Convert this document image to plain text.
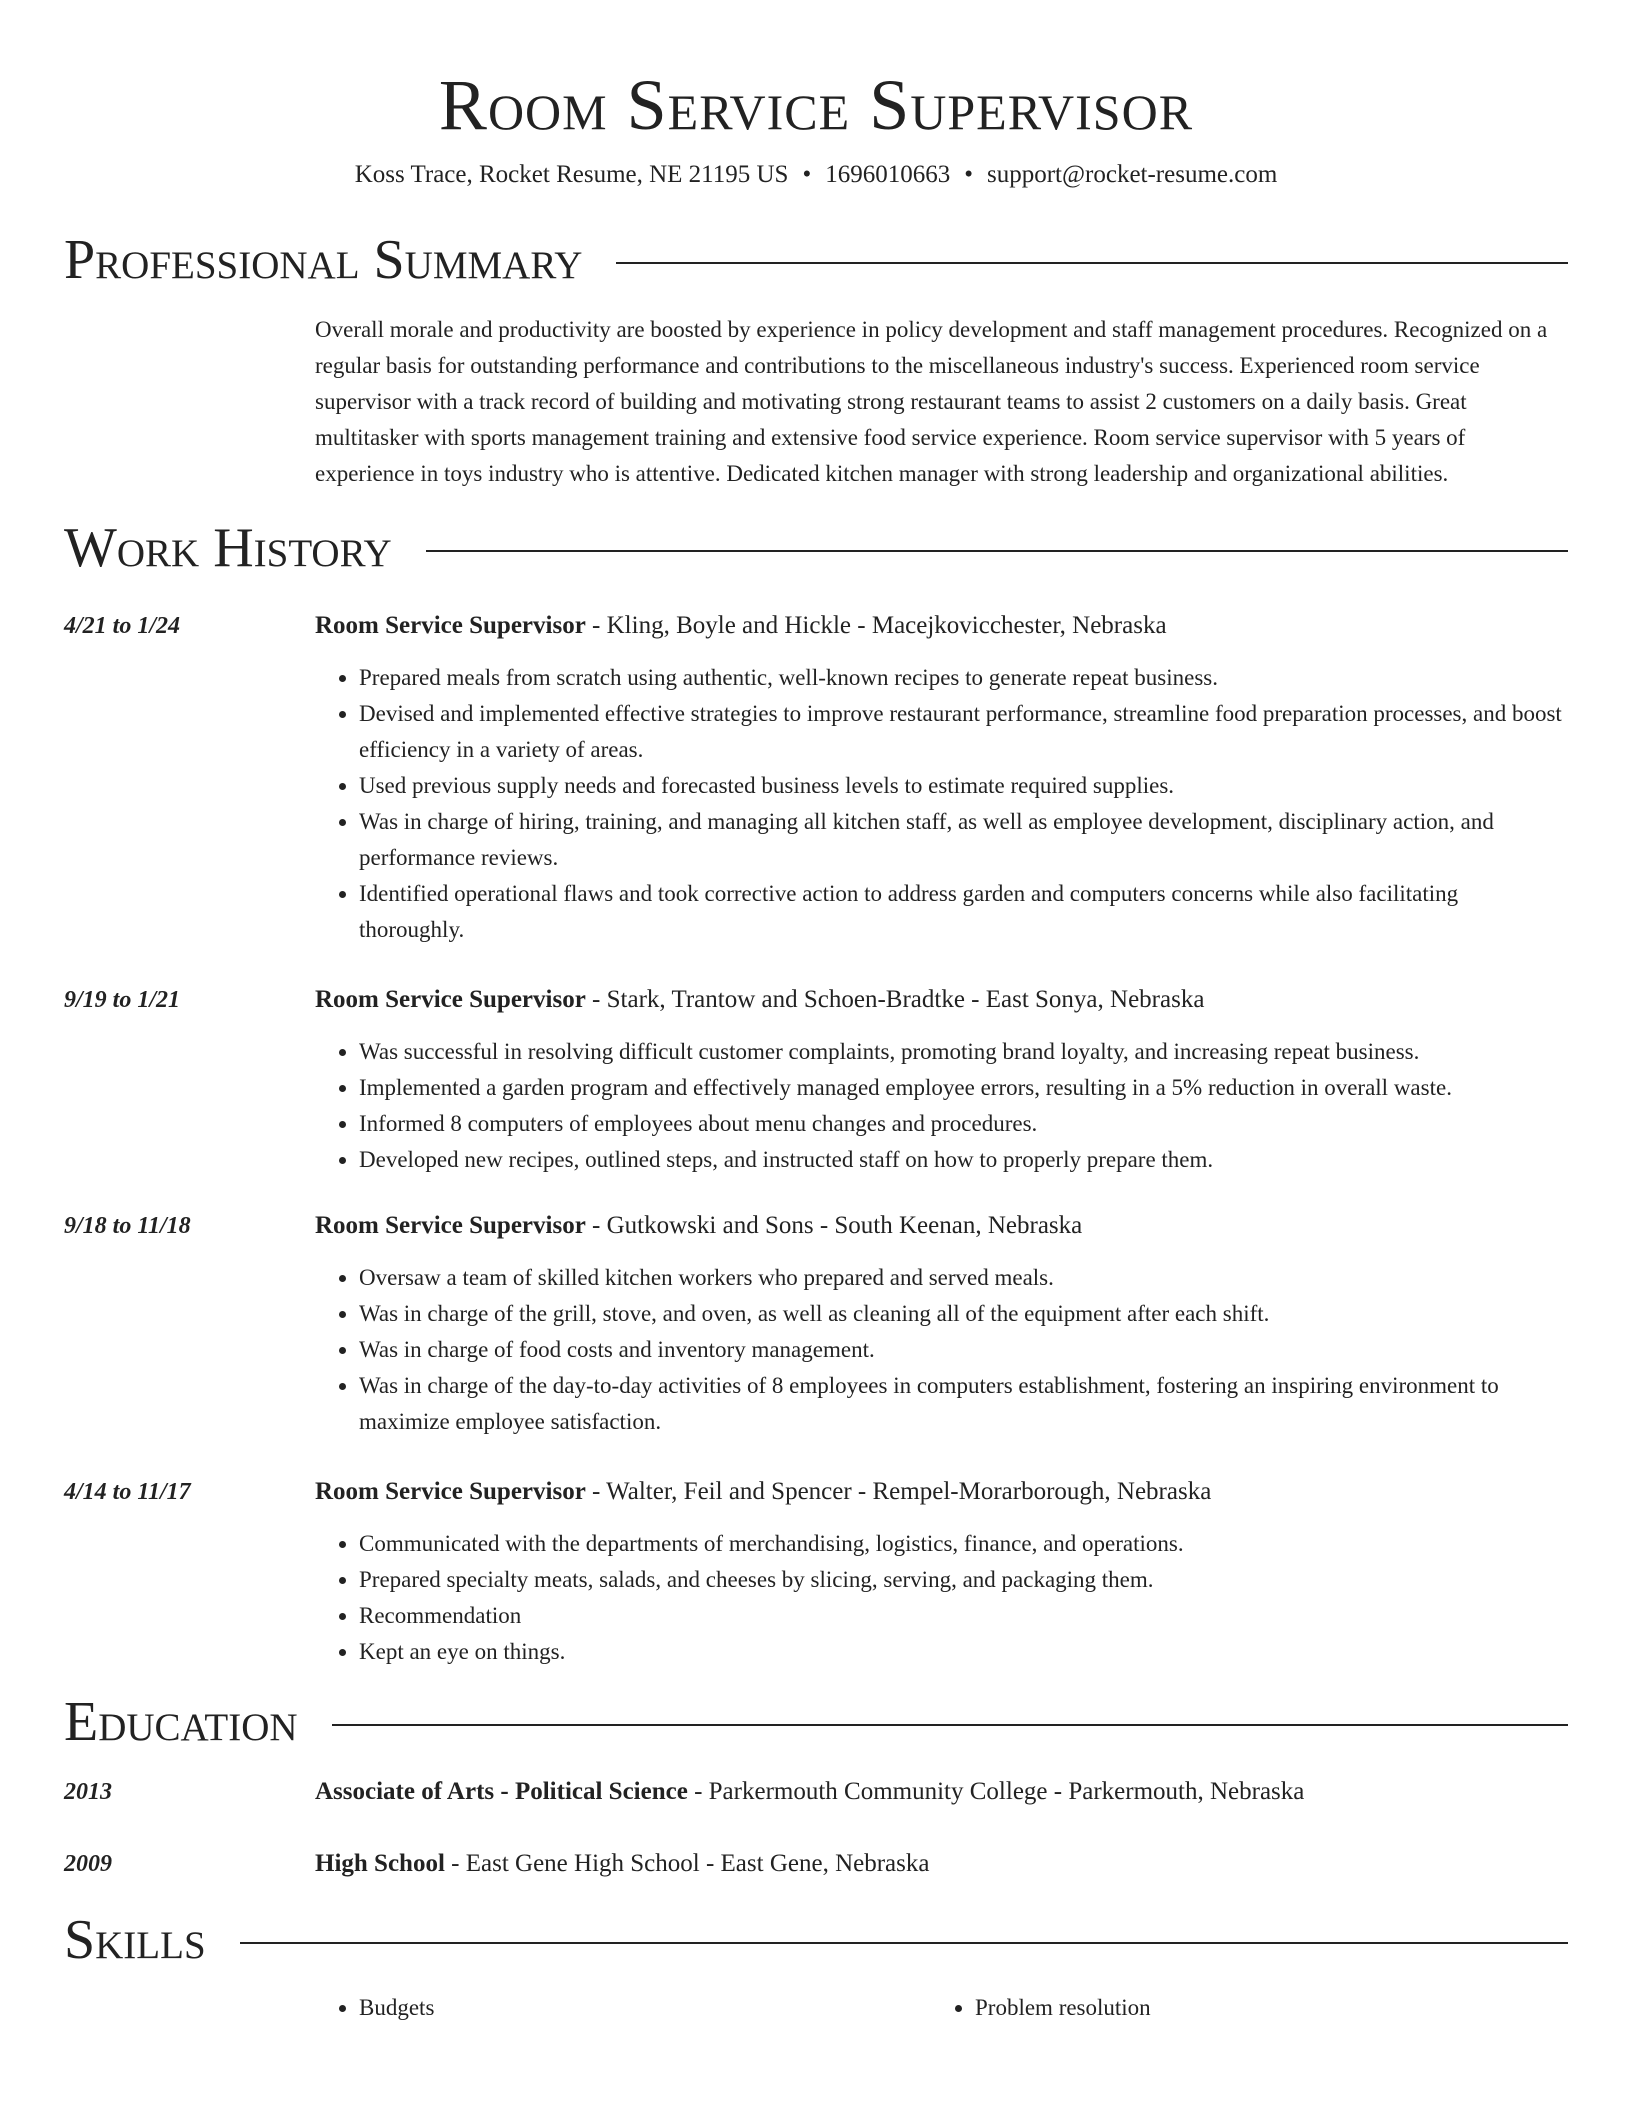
Room Service Supervisor
Koss Trace, Rocket Resume, NE 21195 US • 1696010663 • support@rocket-resume.com
Professional Summary

Overall morale and productivity are boosted by experience in policy development and staff management procedures. Recognized on a regular basis for outstanding performance and contributions to the miscellaneous industry's success. Experienced room service supervisor with a track record of building and motivating strong restaurant teams to assist 2 customers on a daily basis. Great multitasker with sports management training and extensive food service experience. Room service supervisor with 5 years of experience in toys industry who is attentive. Dedicated kitchen manager with strong leadership and organizational abilities.

Work History
4/21 to 1/24	Room Service Supervisor - Kling, Boyle and Hickle - Macejkovicchester, Nebraska
• Prepared meals from scratch using authentic, well-known recipes to generate repeat business.
• Devised and implemented effective strategies to improve restaurant performance, streamline food preparation processes, and boost efficiency in a variety of areas.
• Used previous supply needs and forecasted business levels to estimate required supplies.
• Was in charge of hiring, training, and managing all kitchen staff, as well as employee development, disciplinary action, and performance reviews.
• Identified operational flaws and took corrective action to address garden and computers concerns while also facilitating thoroughly.
9/19 to 1/21	Room Service Supervisor - Stark, Trantow and Schoen-Bradtke - East Sonya, Nebraska
• Was successful in resolving difficult customer complaints, promoting brand loyalty, and increasing repeat business.
• Implemented a garden program and effectively managed employee errors, resulting in a 5% reduction in overall waste.
• Informed 8 computers of employees about menu changes and procedures.
• Developed new recipes, outlined steps, and instructed staff on how to properly prepare them.
9/18 to 11/18	Room Service Supervisor - Gutkowski and Sons - South Keenan, Nebraska
• Oversaw a team of skilled kitchen workers who prepared and served meals.
• Was in charge of the grill, stove, and oven, as well as cleaning all of the equipment after each shift.
• Was in charge of food costs and inventory management.
• Was in charge of the day-to-day activities of 8 employees in computers establishment, fostering an inspiring environment to maximize employee satisfaction.
4/14 to 11/17	Room Service Supervisor - Walter, Feil and Spencer - Rempel-Morarborough, Nebraska
• Communicated with the departments of merchandising, logistics, finance, and operations.
• Prepared specialty meats, salads, and cheeses by slicing, serving, and packaging them.
• Recommendation
• Kept an eye on things.
Education
2013	Associate of Arts - Political Science - Parkermouth Community College - Parkermouth, Nebraska
2009	High School - East Gene High School - East Gene, Nebraska
Skills
• Budgets
•	Problem resolution
